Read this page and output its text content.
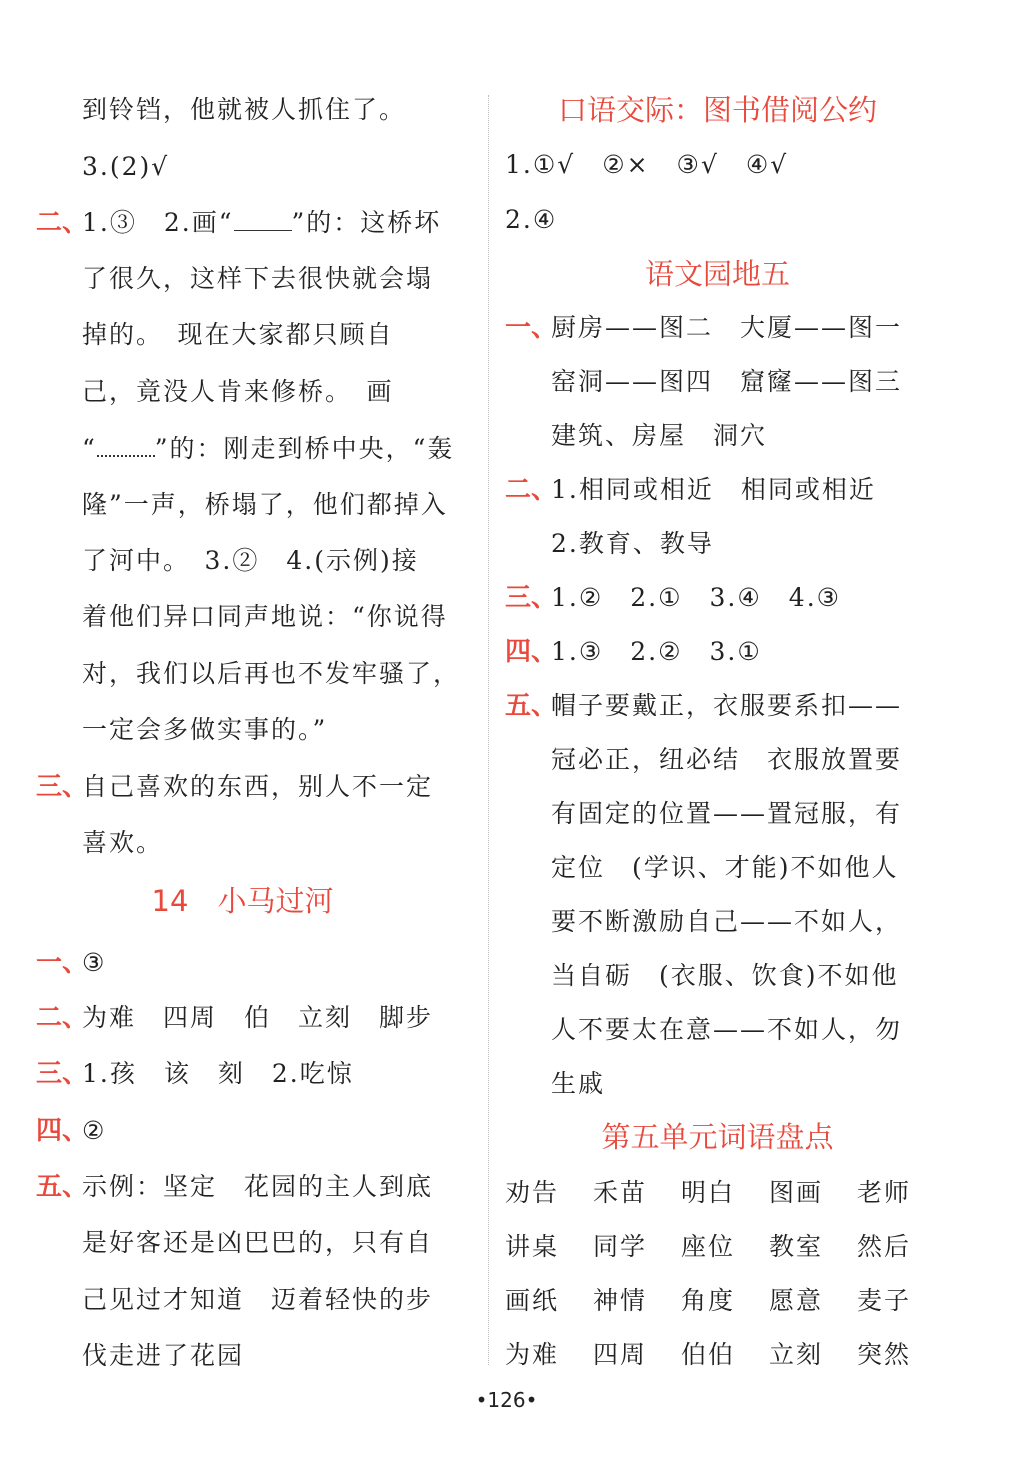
到铃铛，他就被人抓住了。
3.(2)√
二、
1.③　2.画“ ”的：这桥坏
了很久，这样下去很快就会塌
掉的。　现在大家都只顾自
己，竟没人肯来修桥。　画
“ ”的：刚走到桥中央，“轰
隆”一声，桥塌了，他们都掉入
了河中。　3.②　4.(示例)接
着他们异口同声地说：“你说得
对，我们以后再也不发牢骚了，
一定会多做实事的。”
三、
自己喜欢的东西，别人不一定
喜欢。
14　小马过河
一、
③
二、
为难　四周　伯　立刻　脚步
三、
1.孩　该　刻　2.吃惊
四、
②
五、
示例：坚定　花园的主人到底
是好客还是凶巴巴的，只有自
己见过才知道　迈着轻快的步
伐走进了花园
口语交际：图书借阅公约
1.①√　②×　③√　④√
2.④
语文园地五
一、
厨房——图二　大厦——图一
窑洞——图四　窟窿——图三
建筑、房屋　洞穴
二、
1.相同或相近　相同或相近
2.教育、教导
三、
1.②　2.①　3.④　4.③
四、
1.③　2.②　3.①
五、
帽子要戴正，衣服要系扣——
冠必正，纽必结　衣服放置要
有固定的位置——置冠服，有
定位　(学识、才能)不如他人
要不断激励自己——不如人，
当自砺　(衣服、饮食)不如他
人不要太在意——不如人，勿
生戚
第五单元词语盘点
劝告 禾苗 明白 图画 老师
讲桌 同学 座位 教室 然后
画纸 神情 角度 愿意 麦子
为难 四周 伯伯 立刻 突然
•126•
